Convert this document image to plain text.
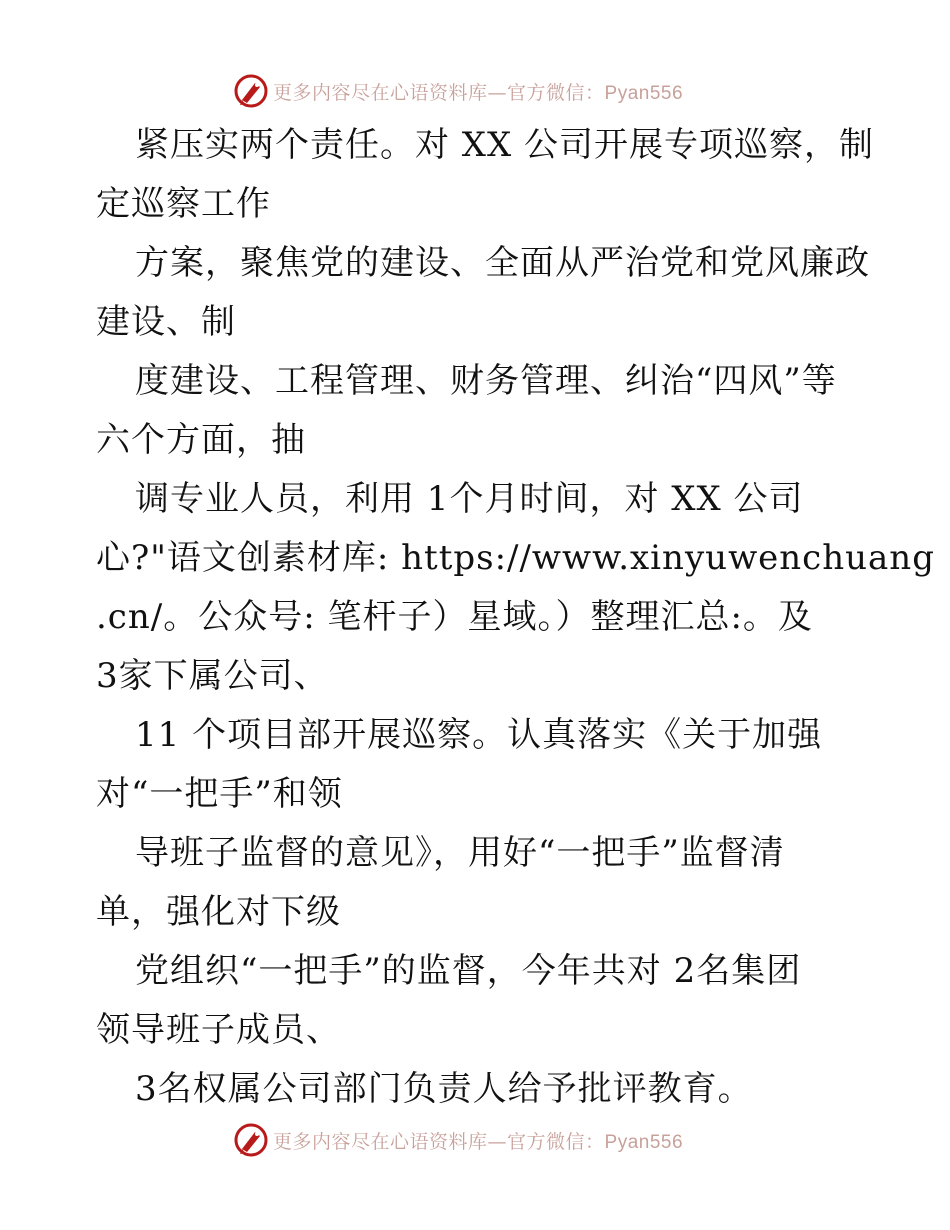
更多内容尽在心语资料库—官方微信：Pyan556
紧压实两个责任。对 XX 公司开展专项巡察，制
定巡察工作
方案，聚焦党的建设、全面从严治党和党风廉政
建设、制
度建设、工程管理、财务管理、纠治“四风”等
六个方面，抽
调专业人员，利用 1个月时间，对 XX 公司
心?"语文创素材库: https://www.xinyuwenchuang
.cn/。公众号: 笔杆子）星域。）整理汇总:。及
3家下属公司、
11 个项目部开展巡察。认真落实《关于加强
对“一把手”和领
导班子监督的意见》，用好“一把手”监督清
单，强化对下级
党组织“一把手”的监督，今年共对 2名集团
领导班子成员、
3名权属公司部门负责人给予批评教育。
更多内容尽在心语资料库—官方微信：Pyan556
